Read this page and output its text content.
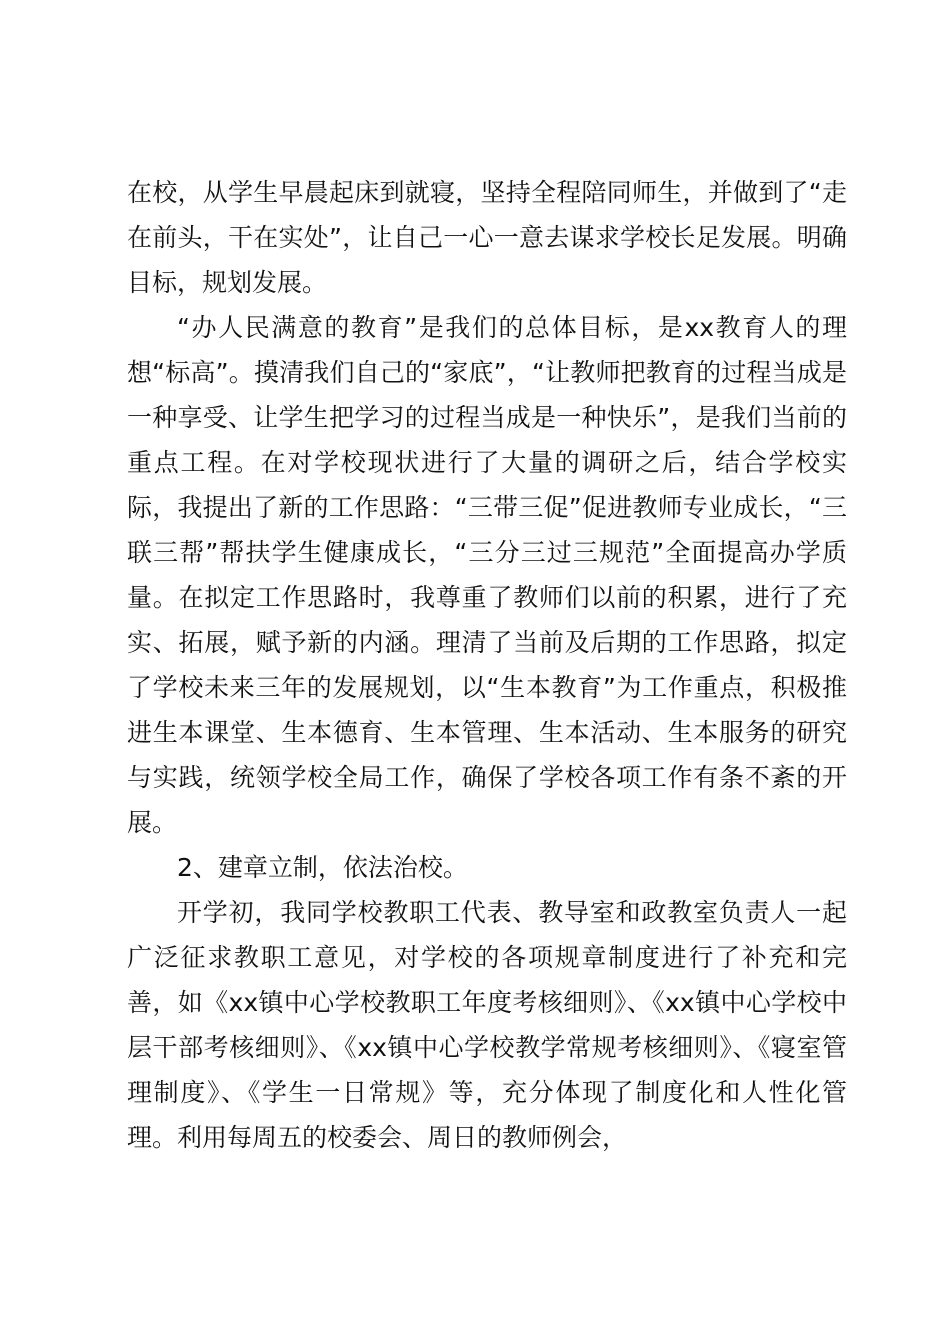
在校，从学生早晨起床到就寝，坚持全程陪同师生，并做到了“走在前头，干在实处”，让自己一心一意去谋求学校长足发展。明确目标，规划发展。

“办人民满意的教育”是我们的总体目标，是xx教育人的理想“标高”。摸清我们自己的“家底”，“让教师把教育的过程当成是一种享受、让学生把学习的过程当成是一种快乐”，是我们当前的重点工程。在对学校现状进行了大量的调研之后，结合学校实际，我提出了新的工作思路：“三带三促”促进教师专业成长，“三联三帮”帮扶学生健康成长，“三分三过三规范”全面提高办学质量。在拟定工作思路时，我尊重了教师们以前的积累，进行了充实、拓展，赋予新的内涵。理清了当前及后期的工作思路，拟定了学校未来三年的发展规划，以“生本教育”为工作重点，积极推进生本课堂、生本德育、生本管理、生本活动、生本服务的研究与实践，统领学校全局工作，确保了学校各项工作有条不紊的开展。

2、建章立制，依法治校。

开学初，我同学校教职工代表、教导室和政教室负责人一起广泛征求教职工意见，对学校的各项规章制度进行了补充和完善，如《xx镇中心学校教职工年度考核细则》、《xx镇中心学校中层干部考核细则》、《xx镇中心学校教学常规考核细则》、《寝室管理制度》、《学生一日常规》等，充分体现了制度化和人性化管理。利用每周五的校委会、周日的教师例会，
